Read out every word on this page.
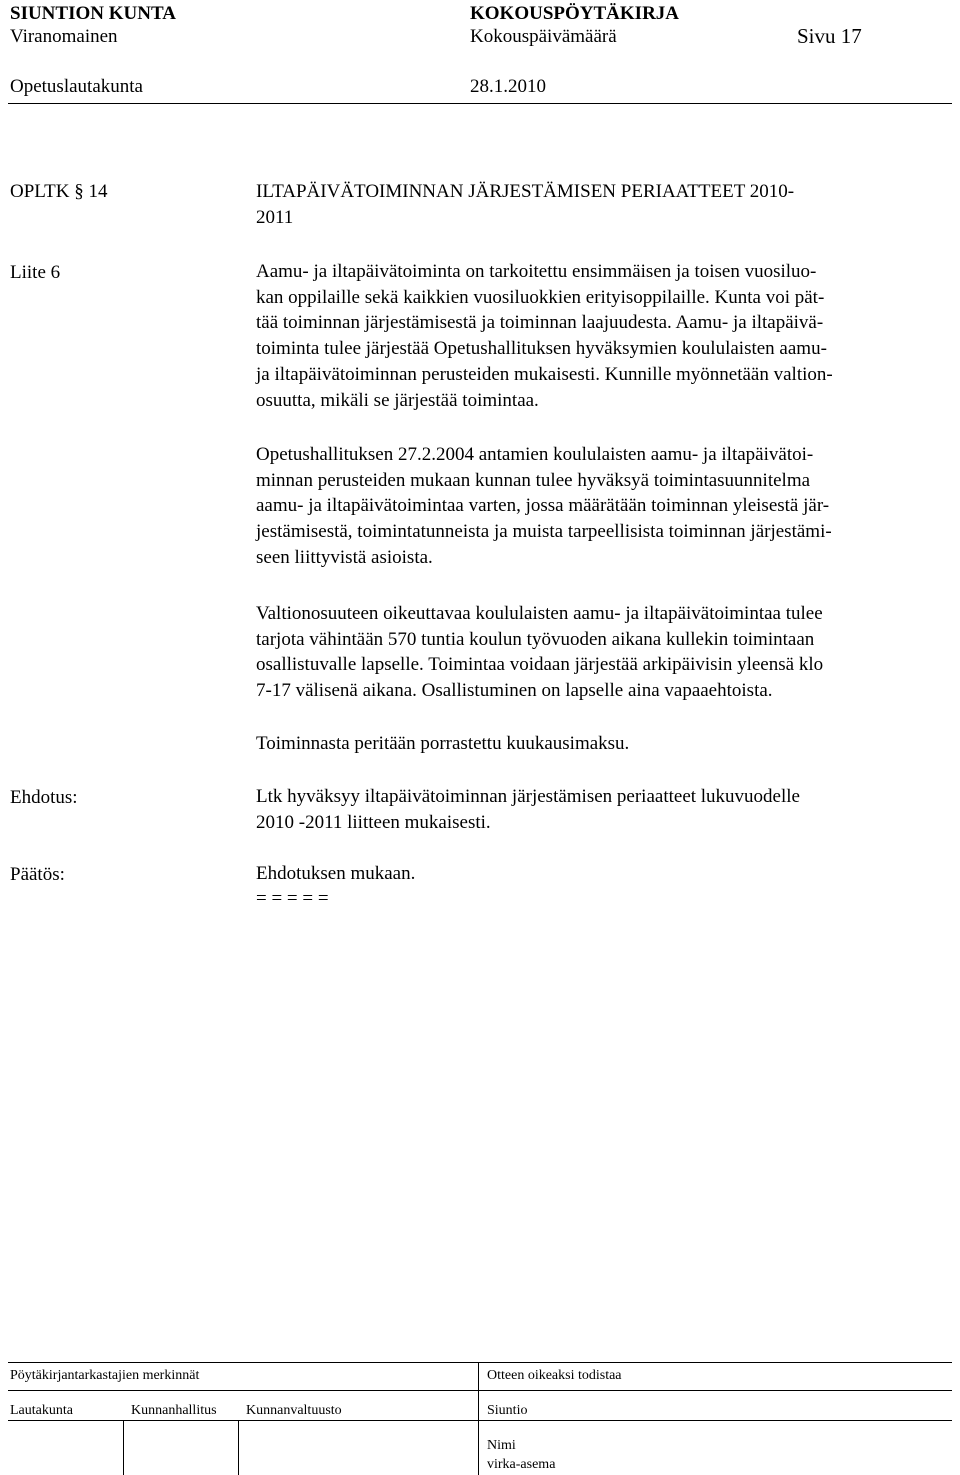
SIUNTION KUNTA	KOKOUSPÖYTÄKIRJA
Viranomainen	Kokouspäivämäärä	Sivu 17
Opetuslautakunta	28.1.2010
OPLTK § 14	ILTAPÄIVÄTOIMINNAN JÄRJESTÄMISEN PERIAATTEET 2010-
2011
Liite 6	Aamu- ja iltapäivätoiminta on tarkoitettu ensimmäisen ja toisen vuosiluo-
kan oppilaille sekä kaikkien vuosiluokkien erityisoppilaille. Kunta voi pät-
tää toiminnan järjestämisestä ja toiminnan laajuudesta. Aamu- ja iltapäivä-
toiminta tulee järjestää Opetushallituksen hyväksymien koululaisten aamu-
ja iltapäivätoiminnan perusteiden mukaisesti. Kunnille myönnetään valtion-
osuutta, mikäli se järjestää toimintaa.
Opetushallituksen 27.2.2004 antamien koululaisten aamu- ja iltapäivätoi-
minnan perusteiden mukaan kunnan tulee hyväksyä toimintasuunnitelma
aamu- ja iltapäivätoimintaa varten, jossa määrätään toiminnan yleisestä jär-
jestämisestä, toimintatunneista ja muista tarpeellisista toiminnan järjestämi-
seen liittyvistä asioista.
Valtionosuuteen oikeuttavaa koululaisten aamu- ja iltapäivätoimintaa tulee
tarjota vähintään 570 tuntia koulun työvuoden aikana kullekin toimintaan
osallistuvalle lapselle. Toimintaa voidaan järjestää arkipäivisin yleensä klo
7-17 välisenä aikana. Osallistuminen on lapselle aina vapaaehtoista.
Toiminnasta peritään porrastettu kuukausimaksu.
Ehdotus:	Ltk hyväksyy iltapäivätoiminnan järjestämisen periaatteet lukuvuodelle
2010 -2011 liitteen mukaisesti.
Päätös:	Ehdotuksen mukaan.
= = = = =
Pöytäkirjantarkastajien merkinnät	Otteen oikeaksi todistaa
Lautakunta	Kunnanhallitus Kunnanvaltuusto	Siuntio
Nimi
virka-asema
